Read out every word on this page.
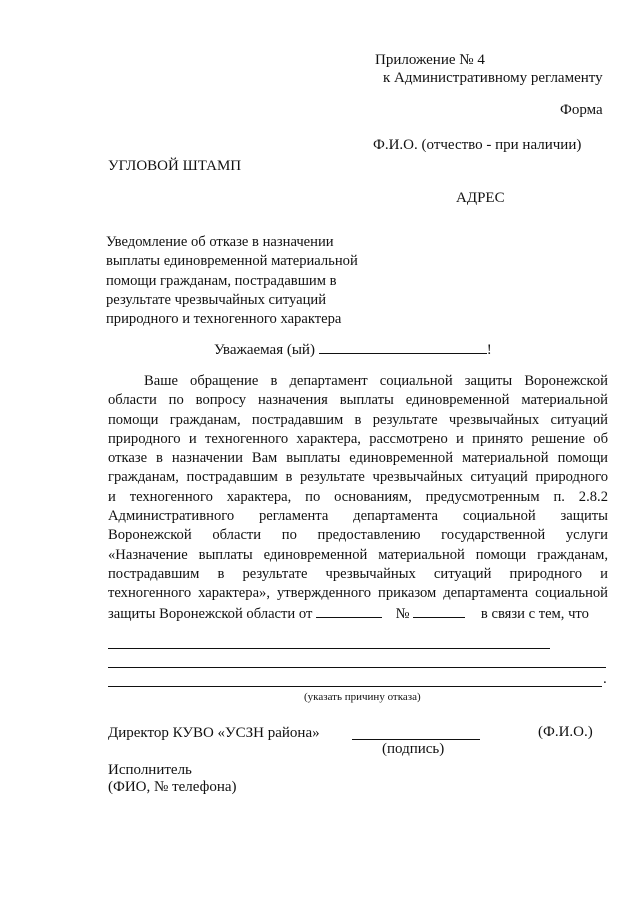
Приложение № 4
к Административному регламенту
Форма
Ф.И.О. (отчество - при наличии)
УГЛОВОЙ ШТАМП
АДРЕС
Уведомление об отказе в назначении
выплаты единовременной материальной
помощи гражданам, пострадавшим в
результате чрезвычайных ситуаций
природного и техногенного характера
Уважаемая (ый)	!
Ваше обращение в департамент социальной защиты Воронежской
области по вопросу назначения выплаты единовременной материальной
помощи гражданам, пострадавшим в результате чрезвычайных ситуаций
природного и техногенного характера, рассмотрено и принято решение об
отказе в назначении Вам выплаты единовременной материальной помощи
гражданам, пострадавшим в результате чрезвычайных ситуаций природного
и техногенного характера, по основаниям, предусмотренным п. 2.8.2
Административного регламента департамента социальной защиты
Воронежской области по предоставлению государственной услуги
«Назначение выплаты единовременной материальной помощи гражданам,
пострадавшим в результате чрезвычайных ситуаций природного и
техногенного характера», утвержденного приказом департамента социальной
защиты Воронежской области от	№	в связи с тем, что
.
(указать причину отказа)
Директор КУВО «УСЗН района»	(Ф.И.О.)
(подпись)
Исполнитель
(ФИО, № телефона)
